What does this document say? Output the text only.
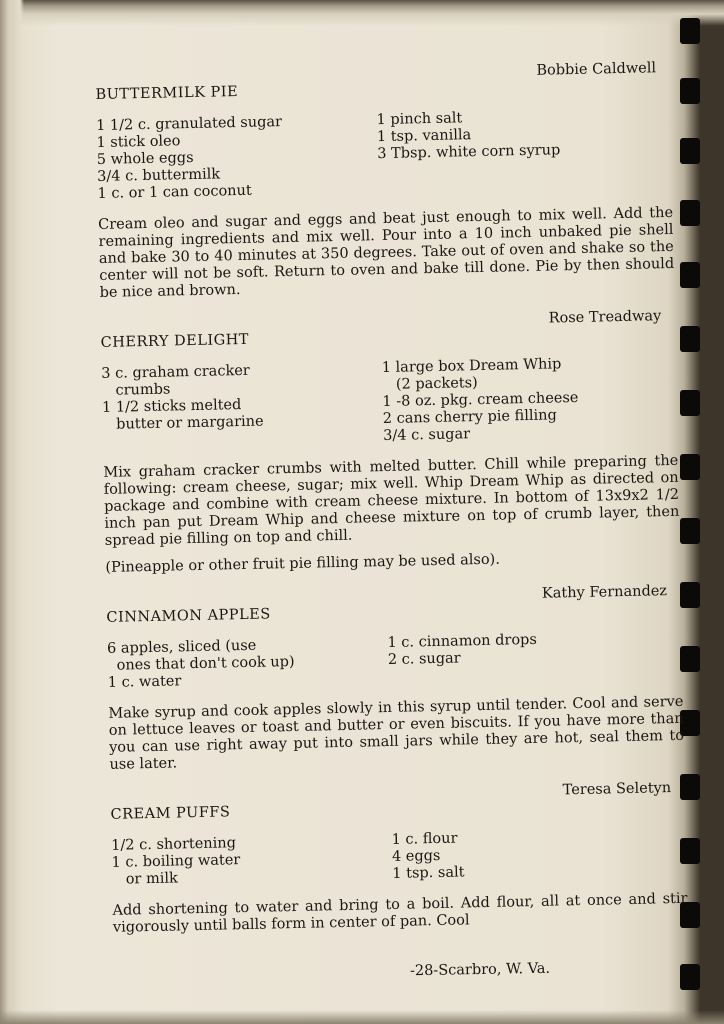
Bobbie Caldwell
BUTTERMILK PIE
1 1/2 c. granulated sugar
1 stick oleo
5 whole eggs
3/4 c. buttermilk
1 c. or 1 can coconut
1 pinch salt
1 tsp. vanilla
3 Tbsp. white corn syrup
Cream oleo and sugar and eggs and beat just enough to mix well. Add the remaining ingredients and mix well. Pour into a 10 inch unbaked pie shell and bake 30 to 40 minutes at 350 degrees. Take out of oven and shake so the center will not be soft. Return to oven and bake till done. Pie by then should be nice and brown.
Rose Treadway
CHERRY DELIGHT
3 c. graham cracker
crumbs
1 1/2 sticks melted
butter or margarine
1 large box Dream Whip
(2 packets)
1 -8 oz. pkg. cream cheese
2 cans cherry pie filling
3/4 c. sugar
Mix graham cracker crumbs with melted butter. Chill while preparing the following: cream cheese, sugar; mix well. Whip Dream Whip as directed on package and combine with cream cheese mixture. In bottom of 13x9x2 1/2 inch pan put Dream Whip and cheese mixture on top of crumb layer, then spread pie filling on top and chill.
(Pineapple or other fruit pie filling may be used also).
Kathy Fernandez
CINNAMON APPLES
6 apples, sliced (use
ones that don't cook up)
1 c. water
1 c. cinnamon drops
2 c. sugar
Make syrup and cook apples slowly in this syrup until tender. Cool and serve on lettuce leaves or toast and butter or even biscuits. If you have more than you can use right away put into small jars while they are hot, seal them to use later.
Teresa Seletyn
CREAM PUFFS
1/2 c. shortening
1 c. boiling water
or milk
1 c. flour
4 eggs
1 tsp. salt
Add shortening to water and bring to a boil. Add flour, all at once and stir vigorously until balls form in center of pan. Cool
-28-Scarbro, W. Va.
